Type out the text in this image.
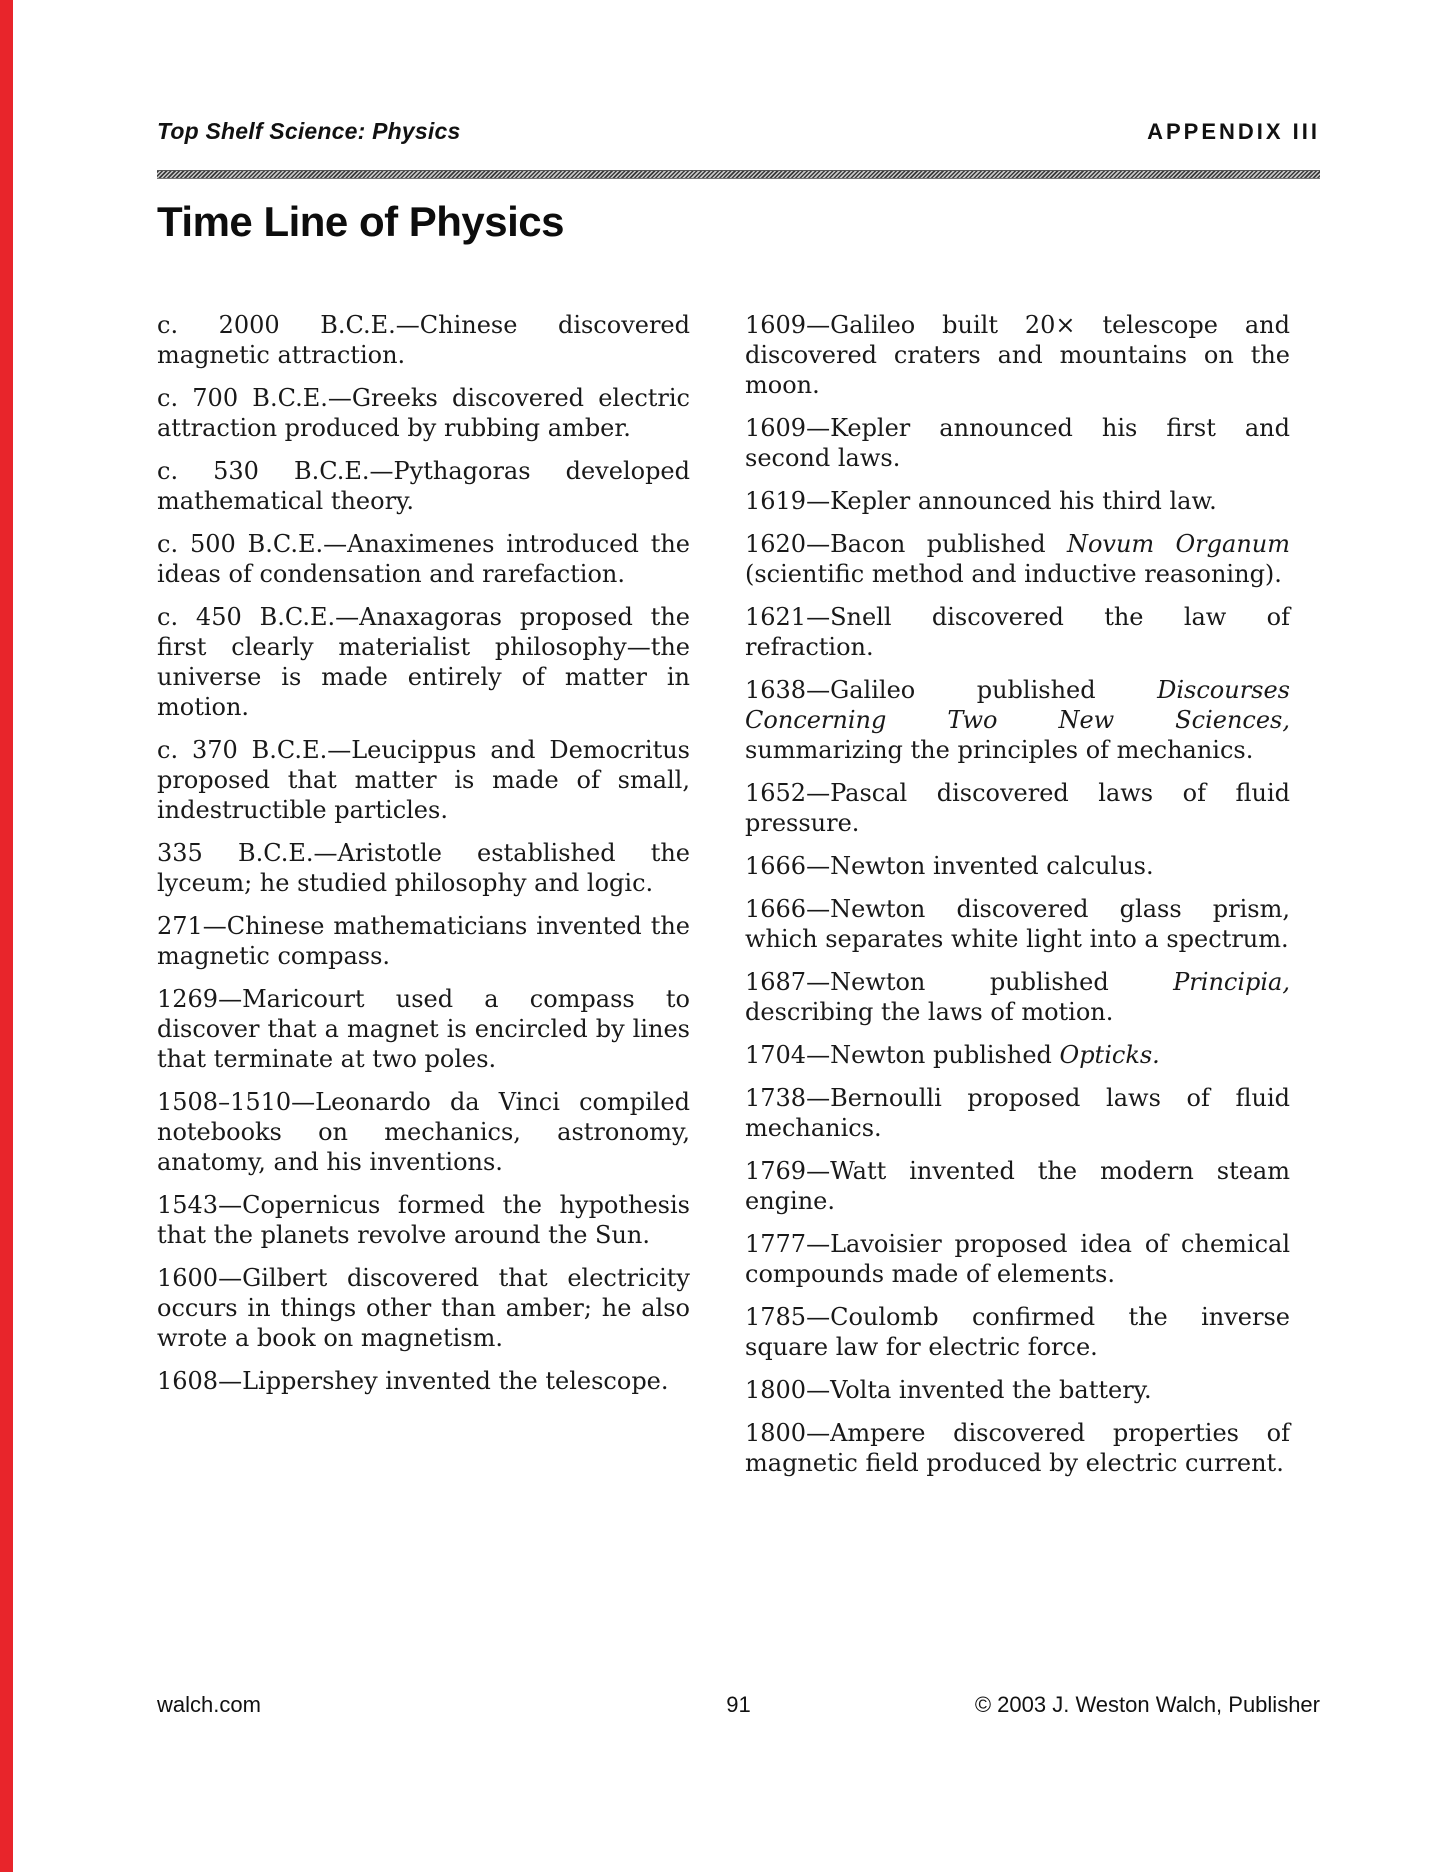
Top Shelf Science: Physics	APPENDIX III
Time Line of Physics

c. 2000 B.C.E.—Chinese discovered magnetic attraction.

c. 700 B.C.E.—Greeks discovered electric attraction produced by rubbing amber.

c. 530 B.C.E.—Pythagoras developed mathematical theory.

c. 500 B.C.E.—Anaximenes introduced the ideas of condensation and rarefaction.

c. 450 B.C.E.—Anaxagoras proposed the first clearly materialist philosophy—the universe is made entirely of matter in motion.

c. 370 B.C.E.—Leucippus and Democritus proposed that matter is made of small, indestructible particles.

335 B.C.E.—Aristotle established the lyceum; he studied philosophy and logic.

271—Chinese mathematicians invented the magnetic compass.

1269—Maricourt used a compass to discover that a magnet is encircled by lines that terminate at two poles.

1508–1510—Leonardo da Vinci compiled notebooks on mechanics, astronomy, anatomy, and his inventions.

1543—Copernicus formed the hypothesis that the planets revolve around the Sun.

1600—Gilbert discovered that electricity occurs in things other than amber; he also wrote a book on magnetism.

1608—Lippershey invented the telescope.

1609—Galileo built 20× telescope and discovered craters and mountains on the moon.

1609—Kepler announced his first and second laws.

1619—Kepler announced his third law.

1620—Bacon published Novum Organum (scientific method and inductive reasoning).

1621—Snell discovered the law of refraction.

1638—Galileo published Discourses Concerning Two New Sciences, summarizing the principles of mechanics.

1652—Pascal discovered laws of fluid pressure.

1666—Newton invented calculus.

1666—Newton discovered glass prism, which separates white light into a spectrum.

1687—Newton published Principia, describing the laws of motion.

1704—Newton published Opticks.

1738—Bernoulli proposed laws of fluid mechanics.

1769—Watt invented the modern steam engine.

1777—Lavoisier proposed idea of chemical compounds made of elements.

1785—Coulomb confirmed the inverse square law for electric force.

1800—Volta invented the battery.

1800—Ampere discovered properties of magnetic field produced by electric current.

walch.com	91	© 2003 J. Weston Walch, Publisher
